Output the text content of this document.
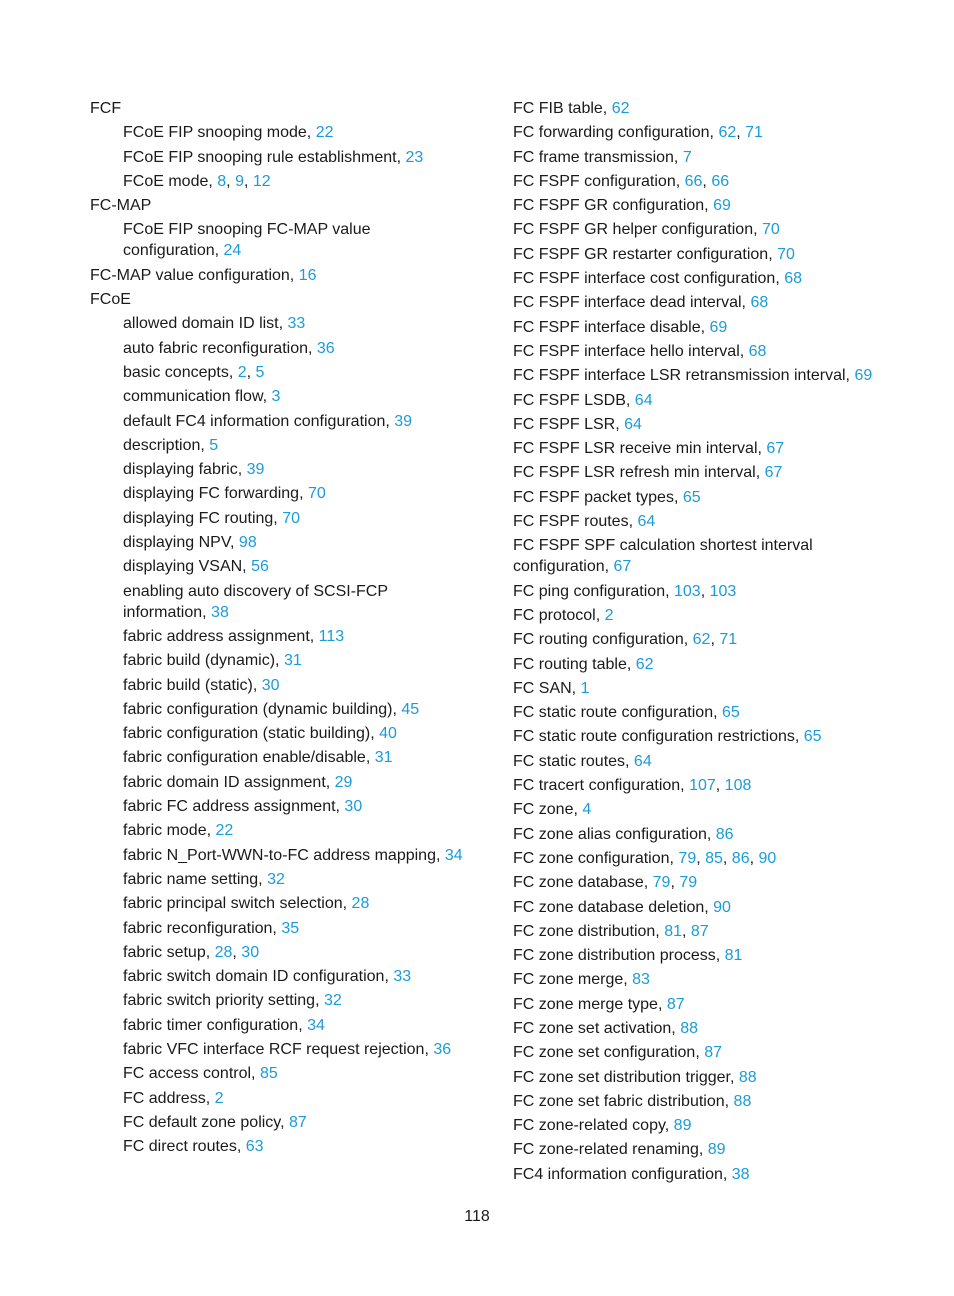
FCF
FCoE FIP snooping mode, 22
FCoE FIP snooping rule establishment, 23
FCoE mode, 8, 9, 12
FC-MAP
FCoE FIP snooping FC-MAP value configuration, 24
FC-MAP value configuration, 16
FCoE
allowed domain ID list, 33
auto fabric reconfiguration, 36
basic concepts, 2, 5
communication flow, 3
default FC4 information configuration, 39
description, 5
displaying fabric, 39
displaying FC forwarding, 70
displaying FC routing, 70
displaying NPV, 98
displaying VSAN, 56
enabling auto discovery of SCSI-FCP information, 38
fabric address assignment, 113
fabric build (dynamic), 31
fabric build (static), 30
fabric configuration (dynamic building), 45
fabric configuration (static building), 40
fabric configuration enable/disable, 31
fabric domain ID assignment, 29
fabric FC address assignment, 30
fabric mode, 22
fabric N_Port-WWN-to-FC address mapping, 34
fabric name setting, 32
fabric principal switch selection, 28
fabric reconfiguration, 35
fabric setup, 28, 30
fabric switch domain ID configuration, 33
fabric switch priority setting, 32
fabric timer configuration, 34
fabric VFC interface RCF request rejection, 36
FC access control, 85
FC address, 2
FC default zone policy, 87
FC direct routes, 63
FC FIB table, 62
FC forwarding configuration, 62, 71
FC frame transmission, 7
FC FSPF configuration, 66, 66
FC FSPF GR configuration, 69
FC FSPF GR helper configuration, 70
FC FSPF GR restarter configuration, 70
FC FSPF interface cost configuration, 68
FC FSPF interface dead interval, 68
FC FSPF interface disable, 69
FC FSPF interface hello interval, 68
FC FSPF interface LSR retransmission interval, 69
FC FSPF LSDB, 64
FC FSPF LSR, 64
FC FSPF LSR receive min interval, 67
FC FSPF LSR refresh min interval, 67
FC FSPF packet types, 65
FC FSPF routes, 64
FC FSPF SPF calculation shortest interval configuration, 67
FC ping configuration, 103, 103
FC protocol, 2
FC routing configuration, 62, 71
FC routing table, 62
FC SAN, 1
FC static route configuration, 65
FC static route configuration restrictions, 65
FC static routes, 64
FC tracert configuration, 107, 108
FC zone, 4
FC zone alias configuration, 86
FC zone configuration, 79, 85, 86, 90
FC zone database, 79, 79
FC zone database deletion, 90
FC zone distribution, 81, 87
FC zone distribution process, 81
FC zone merge, 83
FC zone merge type, 87
FC zone set activation, 88
FC zone set configuration, 87
FC zone set distribution trigger, 88
FC zone set fabric distribution, 88
FC zone-related copy, 89
FC zone-related renaming, 89
FC4 information configuration, 38
118
